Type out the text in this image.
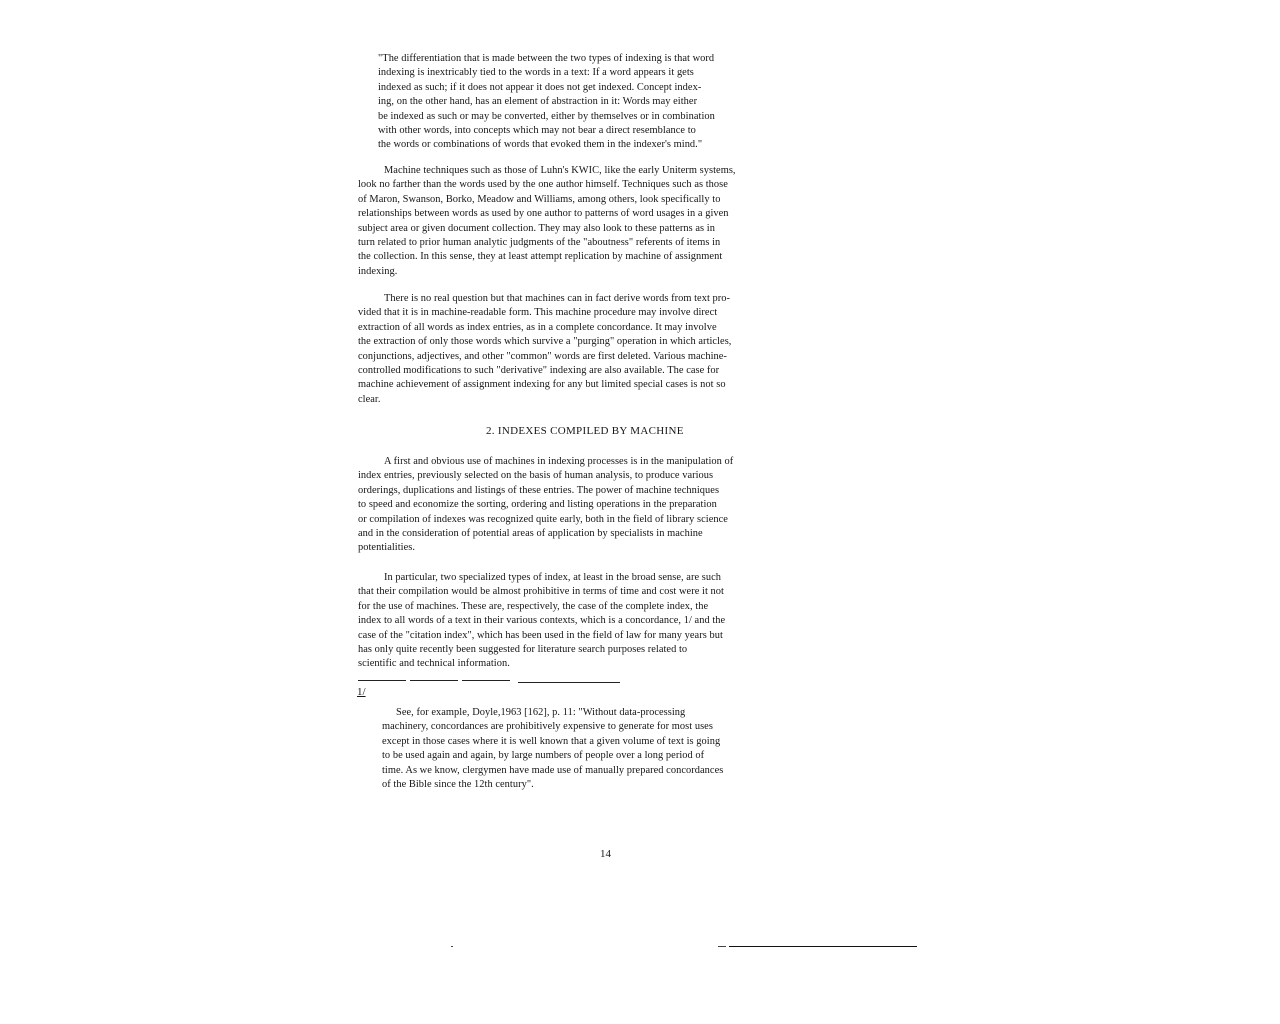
"The differentiation that is made between the two types of indexing is that word
indexing is inextricably tied to the words in a text: If a word appears it gets
indexed as such; if it does not appear it does not get indexed. Concept index-
ing, on the other hand, has an element of abstraction in it: Words may either
be indexed as such or may be converted, either by themselves or in combination
with other words, into concepts which may not bear a direct resemblance to
the words or combinations of words that evoked them in the indexer's mind."
Machine techniques such as those of Luhn's KWIC, like the early Uniterm systems,
look no farther than the words used by the one author himself. Techniques such as those
of Maron, Swanson, Borko, Meadow and Williams, among others, look specifically to
relationships between words as used by one author to patterns of word usages in a given
subject area or given document collection. They may also look to these patterns as in
turn related to prior human analytic judgments of the "aboutness" referents of items in
the collection. In this sense, they at least attempt replication by machine of assignment
indexing.
There is no real question but that machines can in fact derive words from text pro-
vided that it is in machine-readable form. This machine procedure may involve direct
extraction of all words as index entries, as in a complete concordance. It may involve
the extraction of only those words which survive a "purging" operation in which articles,
conjunctions, adjectives, and other "common" words are first deleted. Various machine-
controlled modifications to such "derivative" indexing are also available. The case for
machine achievement of assignment indexing for any but limited special cases is not so
clear.
2. INDEXES COMPILED BY MACHINE
A first and obvious use of machines in indexing processes is in the manipulation of
index entries, previously selected on the basis of human analysis, to produce various
orderings, duplications and listings of these entries. The power of machine techniques
to speed and economize the sorting, ordering and listing operations in the preparation
or compilation of indexes was recognized quite early, both in the field of library science
and in the consideration of potential areas of application by specialists in machine
potentialities.
In particular, two specialized types of index, at least in the broad sense, are such
that their compilation would be almost prohibitive in terms of time and cost were it not
for the use of machines. These are, respectively, the case of the complete index, the
index to all words of a text in their various contexts, which is a concordance, 1/ and the
case of the "citation index", which has been used in the field of law for many years but
has only quite recently been suggested for literature search purposes related to
scientific and technical information.
1/
See, for example, Doyle,1963 [162], p. 11: "Without data-processing
machinery, concordances are prohibitively expensive to generate for most uses
except in those cases where it is well known that a given volume of text is going
to be used again and again, by large numbers of people over a long period of
time. As we know, clergymen have made use of manually prepared concordances
of the Bible since the 12th century".
14
